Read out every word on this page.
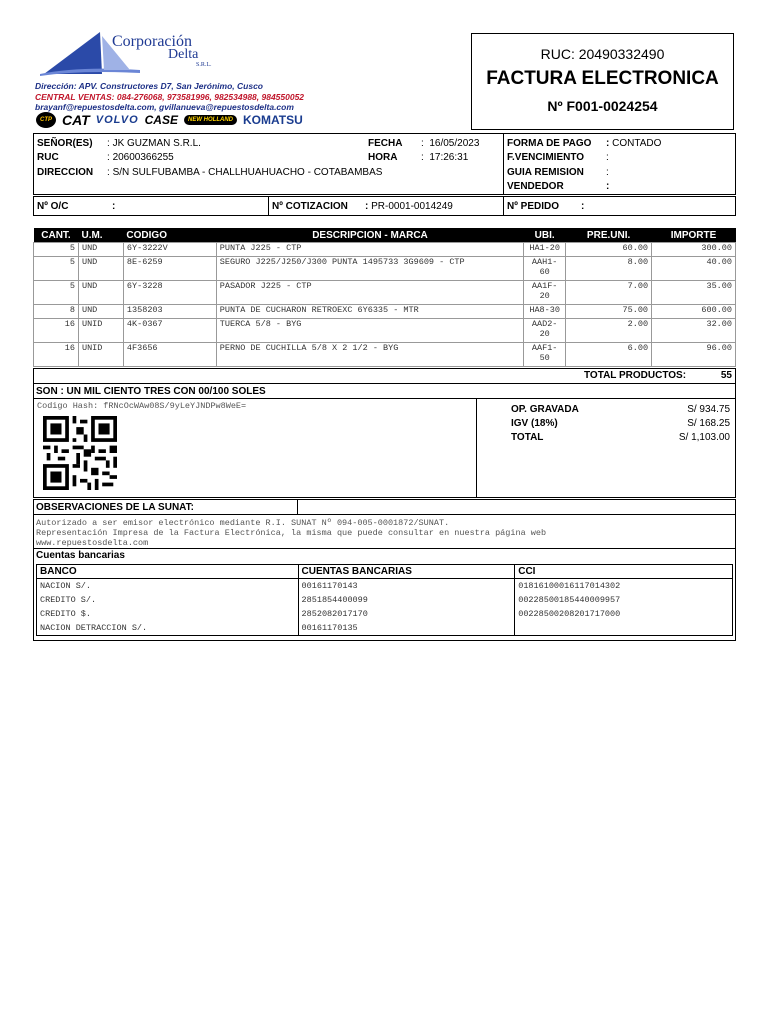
Corporación
Delta
S.R.L.
Dirección: APV. Constructores D7, San Jerónimo, Cusco
CENTRAL VENTAS: 084-276068, 973581996, 982534988, 984550052
brayanf@repuestosdelta.com, gvillanueva@repuestosdelta.com
CTP CAT VOLVO CASE	NEW HOLLAND KOMATSU
RUC: 20490332490
FACTURA ELECTRONICA
Nº F001-0024254
SEÑOR(ES) : JK GUZMAN S.R.L.
RUC	: 20600366255
DIRECCION : S/N SULFUBAMBA - CHALLHUAHUACHO - COTABAMBAS
FECHA :  16/05/2023
HORA :  17:26:31
FORMA DE PAGO : CONTADO
F.VENCIMIENTO :
GUIA REMISION :
VENDEDOR	:
Nº O/C	:	Nº COTIZACION : PR-0001-0014249	Nº PEDIDO :
CANT.	U.M.	CODIGO	DESCRIPCION - MARCA	UBI.	PRE.UNI.	IMPORTE
5	UND	6Y-3222V	PUNTA J225 - CTP	HA1-20	60.00	300.00
5	UND	8E-6259	SEGURO J225/J250/J300 PUNTA 1495733 3G9609 - CTP	AAH1-60	8.00	40.00
5	UND	6Y-3228	PASADOR J225 - CTP	AA1F-20	7.00	35.00
8	UND	1358203	PUNTA DE CUCHARON RETROEXC 6Y6335 - MTR	HA8-30	75.00	600.00
16	UNID	4K-0367	TUERCA 5/8 - BYG	AAD2-20	2.00	32.00
16	UNID	4F3656	PERNO DE CUCHILLA 5/8 X 2 1/2 - BYG	AAF1-50	6.00	96.00
TOTAL PRODUCTOS:	55
SON : UN MIL CIENTO TRES CON 00/100 SOLES
Codigo Hash: fRNcOcWAw08S/9yLeYJNDPw8WeE=	OP. GRAVADA	S/ 934.75
IGV (18%)	S/ 168.25
TOTAL	S/ 1,103.00
OBSERVACIONES DE LA SUNAT:
Autorizado a ser emisor electrónico mediante R.I. SUNAT Nº 094-005-0001872/SUNAT.
Representación Impresa de la Factura Electrónica, la misma que puede consultar en nuestra página web
www.repuestosdelta.com
Cuentas bancarias
BANCO	CUENTAS BANCARIAS	CCI
NACION S/.	00161170143	01816100016117014302
CREDITO S/.	2851854400099	00228500185440009957
CREDITO $.	2852082017170	00228500208201717000
NACION DETRACCION S/.	00161170135	
